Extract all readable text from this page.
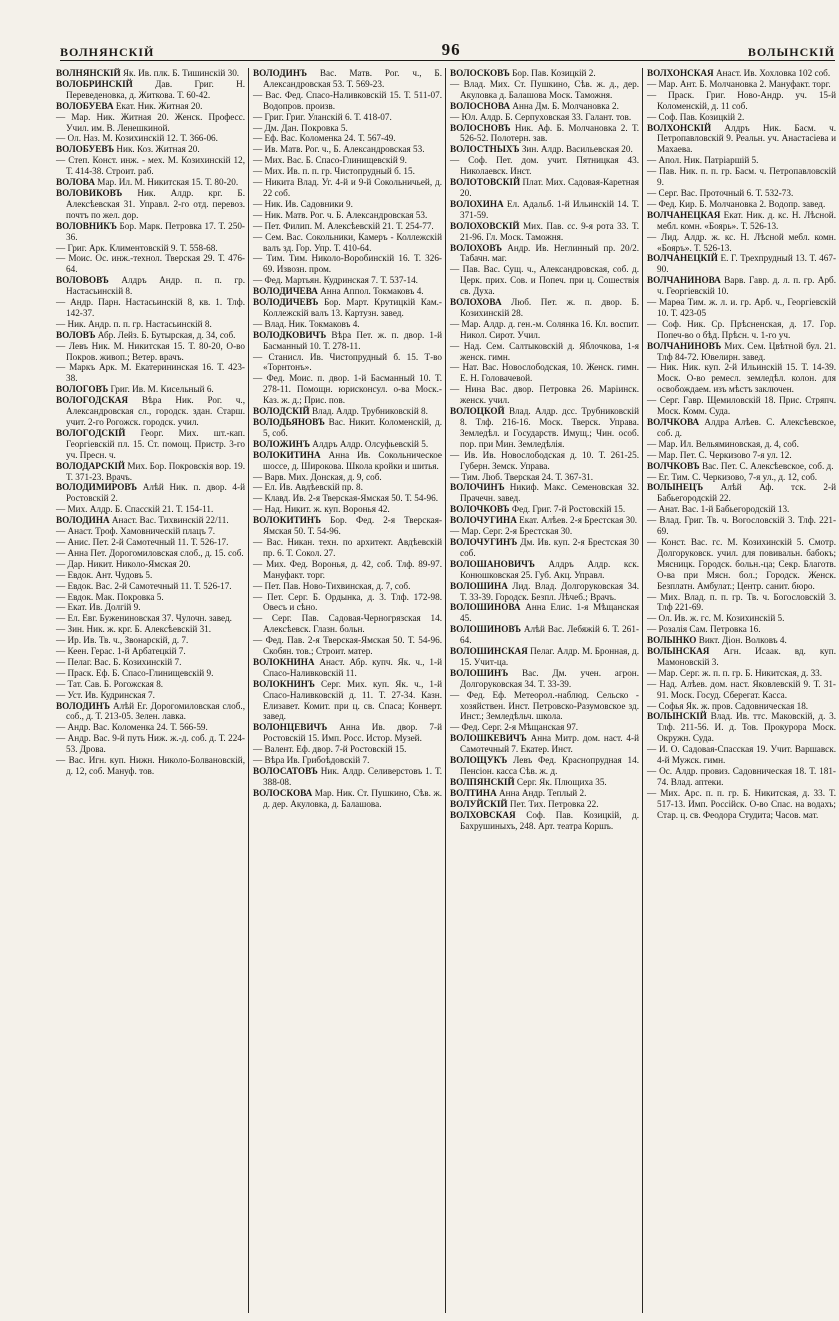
ВОЛНЯНСКІЙ	96	ВОЛЫНСКІЙ

ВОЛНЯНСКІЙ Як. Ив. плк. Б. Тишинскій 30.

ВОЛОБРИНСКІЙ Дав. Григ. Н. Переведеновка, д. Житкова. Т. 60-42.

ВОЛОБУЕВА Екат. Ник. Житная 20.

— Мар. Ник. Житная 20. Женск. Професс. Учил. им. В. Ленешкиной.

— Ол. Наз. М. Козихинскій 12. Т. 366-06.

ВОЛОБУЕВЪ Ник. Коз. Житная 20.

— Степ. Конст. инж. - мех. М. Козихинскій 12, Т. 414-38. Строит. раб.

ВОЛОВА Мар. Ил. М. Никитская 15. Т. 80-20.

ВОЛОВИКОВЪ Ник. Алдр. крг. Б. Алексѣевская 31. Управл. 2-го отд. перевоз. почтъ по жел. дор.

ВОЛОВНИКЪ Бор. Марк. Петровка 17. Т. 250-36.

— Григ. Арк. Климентовскій 9. Т. 558-68.

— Моис. Ос. инж.-технол. Тверская 29. Т. 476-64.

ВОЛОВОВЪ Алдръ Андр. п. п. гр. Настасьинскій 8.

— Андр. Парн. Настасьинскій 8, кв. 1. Тлф. 142-37.

— Ник. Андр. п. п. гр. Настасьинскій 8.

ВОЛОВЪ Абр. Лейз. Б. Бутырская, д. 34, соб.

— Левъ Ник. М. Никитская 15. Т. 80-20, О-во Покров. живоп.; Ветер. врачъ.

— Маркъ Арк. М. Екатерининская 16. Т. 423-38.

ВОЛОГОВЪ Григ. Ив. М. Кисельный 6.

ВОЛОГОДСКАЯ Вѣра Ник. Рог. ч., Александровская сл., городск. здан. Старш. учит. 2-го Рогожск. городск. учил.

ВОЛОГОДСКІЙ Георг. Мих. шт.-кап. Георгіевскій пл. 15. Ст. помощ. Пристр. 3-го уч. Пресн. ч.

ВОЛОДАРСКІЙ Мих. Бор. Покровскія вор. 19. Т. 371-23. Врачъ.

ВОЛОДИМИРОВЪ Алѣй Ник. п. двор. 4-й Ростовскій 2.

— Мих. Алдр. Б. Спасскій 21. Т. 154-11.

ВОЛОДИНА Анаст. Вас. Тихвинскій 22/11.

— Анаст. Троф. Хамовническій плацъ 7.

— Анис. Пет. 2-й Самотечный 11. Т. 526-17.

— Анна Пет. Дорогомиловская слоб., д. 15. соб.

— Дар. Никит. Николо-Ямская 20.

— Евдок. Ант. Чудовъ 5.

— Евдок. Вас. 2-й Самотечный 11. Т. 526-17.

— Евдок. Мак. Покровка 5.

— Екат. Ив. Долгій 9.

— Ел. Евг. Бужениновская 37. Чулочн. завед.

— Зин. Ник. ж. крг. Б. Алексѣевскій 31.

— Ир. Ив. Тв. ч., Звонарскій, д. 7.

— Кеен. Герас. 1-й Арбатецкій 7.

— Пелаг. Вас. Б. Козихинскій 7.

— Праск. Еф. Б. Спасо-Глинищевскій 9.

— Тат. Сав. Б. Рогожская 8.

— Уст. Ив. Кудринская 7.

ВОЛОДИНЪ Алѣй Ег. Дорогомиловская слоб., соб., д. Т. 213-05. Зелен. лавка.

— Андр. Вас. Коломенка 24. Т. 566-59.

— Андр. Вас. 9-й путь Ниж. ж.-д. соб. д. Т. 224-53. Дрова.

— Вас. Игн. куп. Нижн. Николо-Болвановскій, д. 12, соб. Мануф. тов.

ВОЛОДИНЪ Вас. Матв. Рог. ч., Б. Александровская 53. Т. 569-23.

— Вас. Фед. Спасо-Наливковскій 15. Т. 511-07. Водопров. произв.

— Григ. Григ. Уланскій 6. Т. 418-07.

— Дм. Дан. Покровка 5.

— Еф. Вас. Коломенка 24. Т. 567-49.

— Ив. Матв. Рог. ч., Б. Александровская 53.

— Мих. Вас. Б. Спасо-Глинищевскій 9.

— Мих. Ив. п. п. гр. Чистопрудный б. 15.

— Никита Влад. Уг. 4-й и 9-й Сокольничьей, д. 22 соб.

— Ник. Ив. Садовники 9.

— Ник. Матв. Рог. ч. Б. Александровская 53.

— Пет. Филип. М. Алексѣевскій 21. Т. 254-77.

— Сем. Вас. Сокольники, Камеръ - Коллежскій валъ зд. Гор. Упр. Т. 410-64.

— Тим. Тим. Николо-Воробинскій 16. Т. 326-69. Извозн. пром.

— Фед. Мартьян. Кудринская 7. Т. 537-14.

ВОЛОДИЧЕВА Анна Аппол. Токмаковъ 4.

ВОЛОДИЧЕВЪ Бор. Март. Крутицкій Кам.-Коллежскій валъ 13. Картузн. завед.

— Влад. Ник. Токмаковъ 4.

ВОЛОДКОВИЧЪ Вѣра Пет. ж. п. двор. 1-й Басманный 10. Т. 278-11.

— Станисл. Ив. Чистопрудный б. 15. Т-во «Торнтонъ».

— Фед. Моис. п. двор. 1-й Басманный 10. Т. 278-11. Помощн. юрисконсул. о-ва Моск.-Каз. ж. д.; Прис. пов.

ВОЛОДСКІЙ Влад. Алдр. Трубниковскій 8.

ВОЛОДЬЯНОВЪ Вас. Никит. Коломенскій, д. 5, соб.

ВОЛОЖИНЪ Алдръ Алдр. Олсуфьевскій 5.

ВОЛОКИТИНА Анна Ив. Сокольническое шоссе, д. Широкова. Школа кройки и шитья.

— Варв. Мих. Донская, д. 9, соб.

— Ел. Ив. Авдѣевскій пр. 8.

— Клавд. Ив. 2-я Тверская-Ямская 50. Т. 54-96.

— Над. Никит. ж. куп. Воронья 42.

ВОЛОКИТИНЪ Бор. Фед. 2-я Тверская-Ямская 50. Т. 54-96.

— Вас. Никан. техн. по архитект. Авдѣевскій пр. 6. Т. Сокол. 27.

— Мих. Фед. Воронья, д. 42, соб. Тлф. 89-97. Мануфакт. торг.

— Пет. Пав. Ново-Тихвинская, д. 7, соб.

— Пет. Серг. Б. Ордынка, д. 3. Тлф. 172-98. Овесъ и сѣно.

— Серг. Пав. Садовая-Черногрязская 14. Алексѣевск. Глазн. больн.

— Фед. Пав. 2-я Тверская-Ямская 50. Т. 54-96. Скобян. тов.; Строит. матер.

ВОЛОКНИНА Анаст. Абр. купч. Як. ч., 1-й Спасо-Наливковскій 11.

ВОЛОКНИНЪ Серг. Мих. куп. Як. ч., 1-й Спасо-Наливковскій д. 11. Т. 27-34. Казн. Елизавет. Комит. при ц. св. Спаса; Конверт. завед.

ВОЛОНЦЕВИЧЪ Анна Ив. двор. 7-й Ростовскій 15. Имп. Росс. Истор. Музей.

— Валент. Еф. двор. 7-й Ростовскій 15.

— Вѣра Ив. Грибоѣдовскій 7.

ВОЛОСАТОВЪ Ник. Алдр. Селиверстовъ 1. Т. 388-08.

ВОЛОСКОВА Мар. Ник. Ст. Пушкино, Сѣв. ж. д. дер. Акуловка, д. Балашова.

ВОЛОСКОВЪ Бор. Пав. Козицкій 2.

— Влад. Мих. Ст. Пушкино, Сѣв. ж. д., дер. Акуловка д. Балашова Моск. Таможня.

ВОЛОСНОВА Анна Дм. Б. Молчановка 2.

— Юл. Алдр. Б. Серпуховская 33. Галант. тов.

ВОЛОСНОВЪ Ник. Аф. Б. Молчановка 2. Т. 526-52. Полотерн. зав.

ВОЛОСТНЫХЪ Зин. Алдр. Васильевская 20.

— Соф. Пет. дом. учит. Пятницкая 43. Николаевск. Инст.

ВОЛОТОВСКІЙ Плат. Мих. Садовая-Каретная 20.

ВОЛОХИНА Ел. Адальб. 1-й Ильинскій 14. Т. 371-59.

ВОЛОХОВСКІЙ Мих. Пав. сс. 9-я рота 33. Т. 21-96. Гл. Моск. Таможня.

ВОЛОХОВЪ Андр. Ив. Неглинный пр. 20/2. Табачн. маг.

— Пав. Вас. Сущ. ч., Александровская, соб. д. Церк. прих. Сов. и Попеч. при ц. Сошествія св. Духа.

ВОЛОХОВА Люб. Пет. ж. п. двор. Б. Козихинскій 28.

— Мар. Алдр. д. ген.-м. Солянка 16. Кл. воспит. Никол. Сирот. Учил.

— Над. Сем. Салтыковскій д. Яблочкова, 1-я женск. гимн.

— Нат. Вас. Новослободская, 10. Женск. гимн. Е. Н. Головачевой.

— Нина Вас. двор. Петровка 26. Маріинск. женск. учил.

ВОЛОЦКОЙ Влад. Алдр. дсс. Трубниковскій 8. Тлф. 216-16. Моск. Тверск. Управа. Земледѣл. и Государств. Имущ.; Чин. особ. пор. при Мин. Земледѣлія.

— Ив. Ив. Новослободская д. 10. Т. 261-25. Губерн. Земск. Управа.

— Тим. Люб. Тверская 24. Т. 367-31.

ВОЛОЧИНЪ Никиф. Макс. Семеновская 32. Прачечн. завед.

ВОЛОЧКОВЪ Фед. Григ. 7-й Ростовскій 15.

ВОЛОЧУГИНА Екат. Алѣев. 2-я Брестская 30.

— Мар. Серг. 2-я Брестская 30.

ВОЛОЧУГИНЪ Дм. Ив. куп. 2-я Брестская 30 соб.

ВОЛОШАНОВИЧЪ Алдръ Алдр. кск. Конюшковская 25. Губ. Акц. Управл.

ВОЛОШИНА Лид. Влад. Долгоруковская 34. Т. 33-39. Городск. Безпл. Лѣчеб.; Врачъ.

ВОЛОШИНОВА Анна Елис. 1-я Мѣщанская 45.

ВОЛОШИНОВЪ Алѣй Вас. Лебяжій 6. Т. 261-64.

ВОЛОШИНСКАЯ Пелаг. Алдр. М. Бронная, д. 15. Учит-ца.

ВОЛОШИНЪ Вас. Дм. учен. агрон. Долгоруковская 34. Т. 33-39.

— Фед. Еф. Метеорол.-наблюд. Сельско - хозяйствен. Инст. Петровско-Разумовское зд. Инст.; Земледѣльч. школа.

— Фед. Серг. 2-я Мѣщанская 97.

ВОЛОШКЕВИЧЪ Анна Митр. дом. наст. 4-й Самотечный 7. Екатер. Инст.

ВОЛОЩУКЪ Левъ Фед. Краснопрудная 14. Пенсіон. касса Сѣв. ж. д.

ВОЛПЯНСКІЙ Серг. Як. Плющиха 35.

ВОЛТИНА Анна Андр. Теплый 2.

ВОЛУЙСКІЙ Пет. Тих. Петровка 22.

ВОЛХОВСКАЯ Соф. Пав. Козицкій, д. Бахрушиныхъ, 248. Арт. театра Коршъ.

ВОЛХОНСКАЯ Анаст. Ив. Хохловка 102 соб.

— Мар. Ант. Б. Молчановка 2. Мануфакт. торг.

— Праск. Григ. Ново-Андр. уч. 15-й Коломенскій, д. 11 соб.

— Соф. Пав. Козицкій 2.

ВОЛХОНСКІЙ Алдръ Ник. Басм. ч. Петропавловскій 9. Реальн. уч. Анастасіева и Махаева.

— Апол. Ник. Патріаршій 5.

— Пав. Ник. п. п. гр. Басм. ч. Петропавловскій 9.

— Серг. Вас. Проточный 6. Т. 532-73.

— Фед. Кир. Б. Молчановка 2. Водопр. завед.

ВОЛЧАНЕЦКАЯ Екат. Ник. д. кс. Н. Лѣсной. мебл. комн. «Боярь». Т. 526-13.

— Лид. Алдр. ж. кс. Н. Лѣсной мебл. комн. «Бояръ». Т. 526-13.

ВОЛЧАНЕЦКІЙ Е. Г. Трехпрудный 13. Т. 467-90.

ВОЛЧАНИНОВА Варв. Гавр. д. л. п. гр. Арб. ч. Георгіевскій 10.

— Марѳа Тим. ж. л. и. гр. Арб. ч., Георгіевскій 10. Т. 423-05

— Соф. Ник. Ср. Прѣсненская, д. 17. Гор. Попеч-во о бѣд. Прѣсн. ч. 1-го уч.

ВОЛЧАНИНОВЪ Мих. Сем. Цвѣтной бул. 21. Тлф 84-72. Ювелирн. завед.

— Ник. Ник. куп. 2-й Ильинскій 15. Т. 14-39. Моск. О-во ремесл. земледѣл. колон. для освобождаем. изъ мѣстъ заключен.

— Серг. Гавр. Щемиловскій 18. Прис. Стряпч. Моск. Комм. Суда.

ВОЛЧКОВА Алдра Алѣев. С. Алексѣевское, соб. д.

— Мар. Ил. Вельяминовская, д. 4, соб.

— Мар. Пет. С. Черкизово 7-я ул. 12.

ВОЛЧКОВЪ Вас. Пет. С. Алексѣевское, соб. д.

— Ег. Тим. С. Черкизово, 7-я ул., д. 12, соб.

ВОЛЫНЕЦЪ Алѣй Аф. тск. 2-й Бабьегородскій 22.

— Анат. Вас. 1-й Бабьегородскій 13.

— Влад. Григ. Тв. ч. Вогословскій 3. Тлф. 221-69.

— Конст. Вас. гс. М. Козихинскій 5. Смотр. Долгоруковск. учил. для повивальн. бабокъ; Мясницк. Городск. больн.-ца; Секр. Благотв. О-ва при Мясн. бол.; Городск. Женск. Безплатн. Амбулат.; Центр. санит. бюро.

— Мих. Влад. п. п. гр. Тв. ч. Богословскій 3. Тлф 221-69.

— Ол. Ив. ж. гс. М. Козихинскій 5.

— Розалія Сам. Петровка 16.

ВОЛЫНКО Викт. Діон. Волковъ 4.

ВОЛЫНСКАЯ Агн. Исаак. вд. куп. Мамоновскій 3.

— Мар. Серг. ж. п. п. гр. Б. Никитская, д. 33.

— Над. Алѣев. дом. наст. Яковлевскій 9. Т. 31-91. Моск. Госуд. Сберегат. Касса.

— Софья Як. ж. пров. Садовническая 18.

ВОЛЫНСКІЙ Влад. Ив. ттс. Маковскій, д. 3. Тлф. 211-56. И. д. Тов. Прокурора Моск. Окружн. Суда.

— И. О. Садовая-Спасская 19. Учит. Варшавск. 4-й Мужск. гимн.

— Ос. Алдр. провиз. Садовническая 18. Т. 181-74. Влад. аптеки.

— Мих. Арс. п. п. гр. Б. Никитская, д. 33. Т. 517-13. Имп. Россійск. О-во Спас. на водахъ; Стар. ц. св. Феодора Студита; Часов. мат.
